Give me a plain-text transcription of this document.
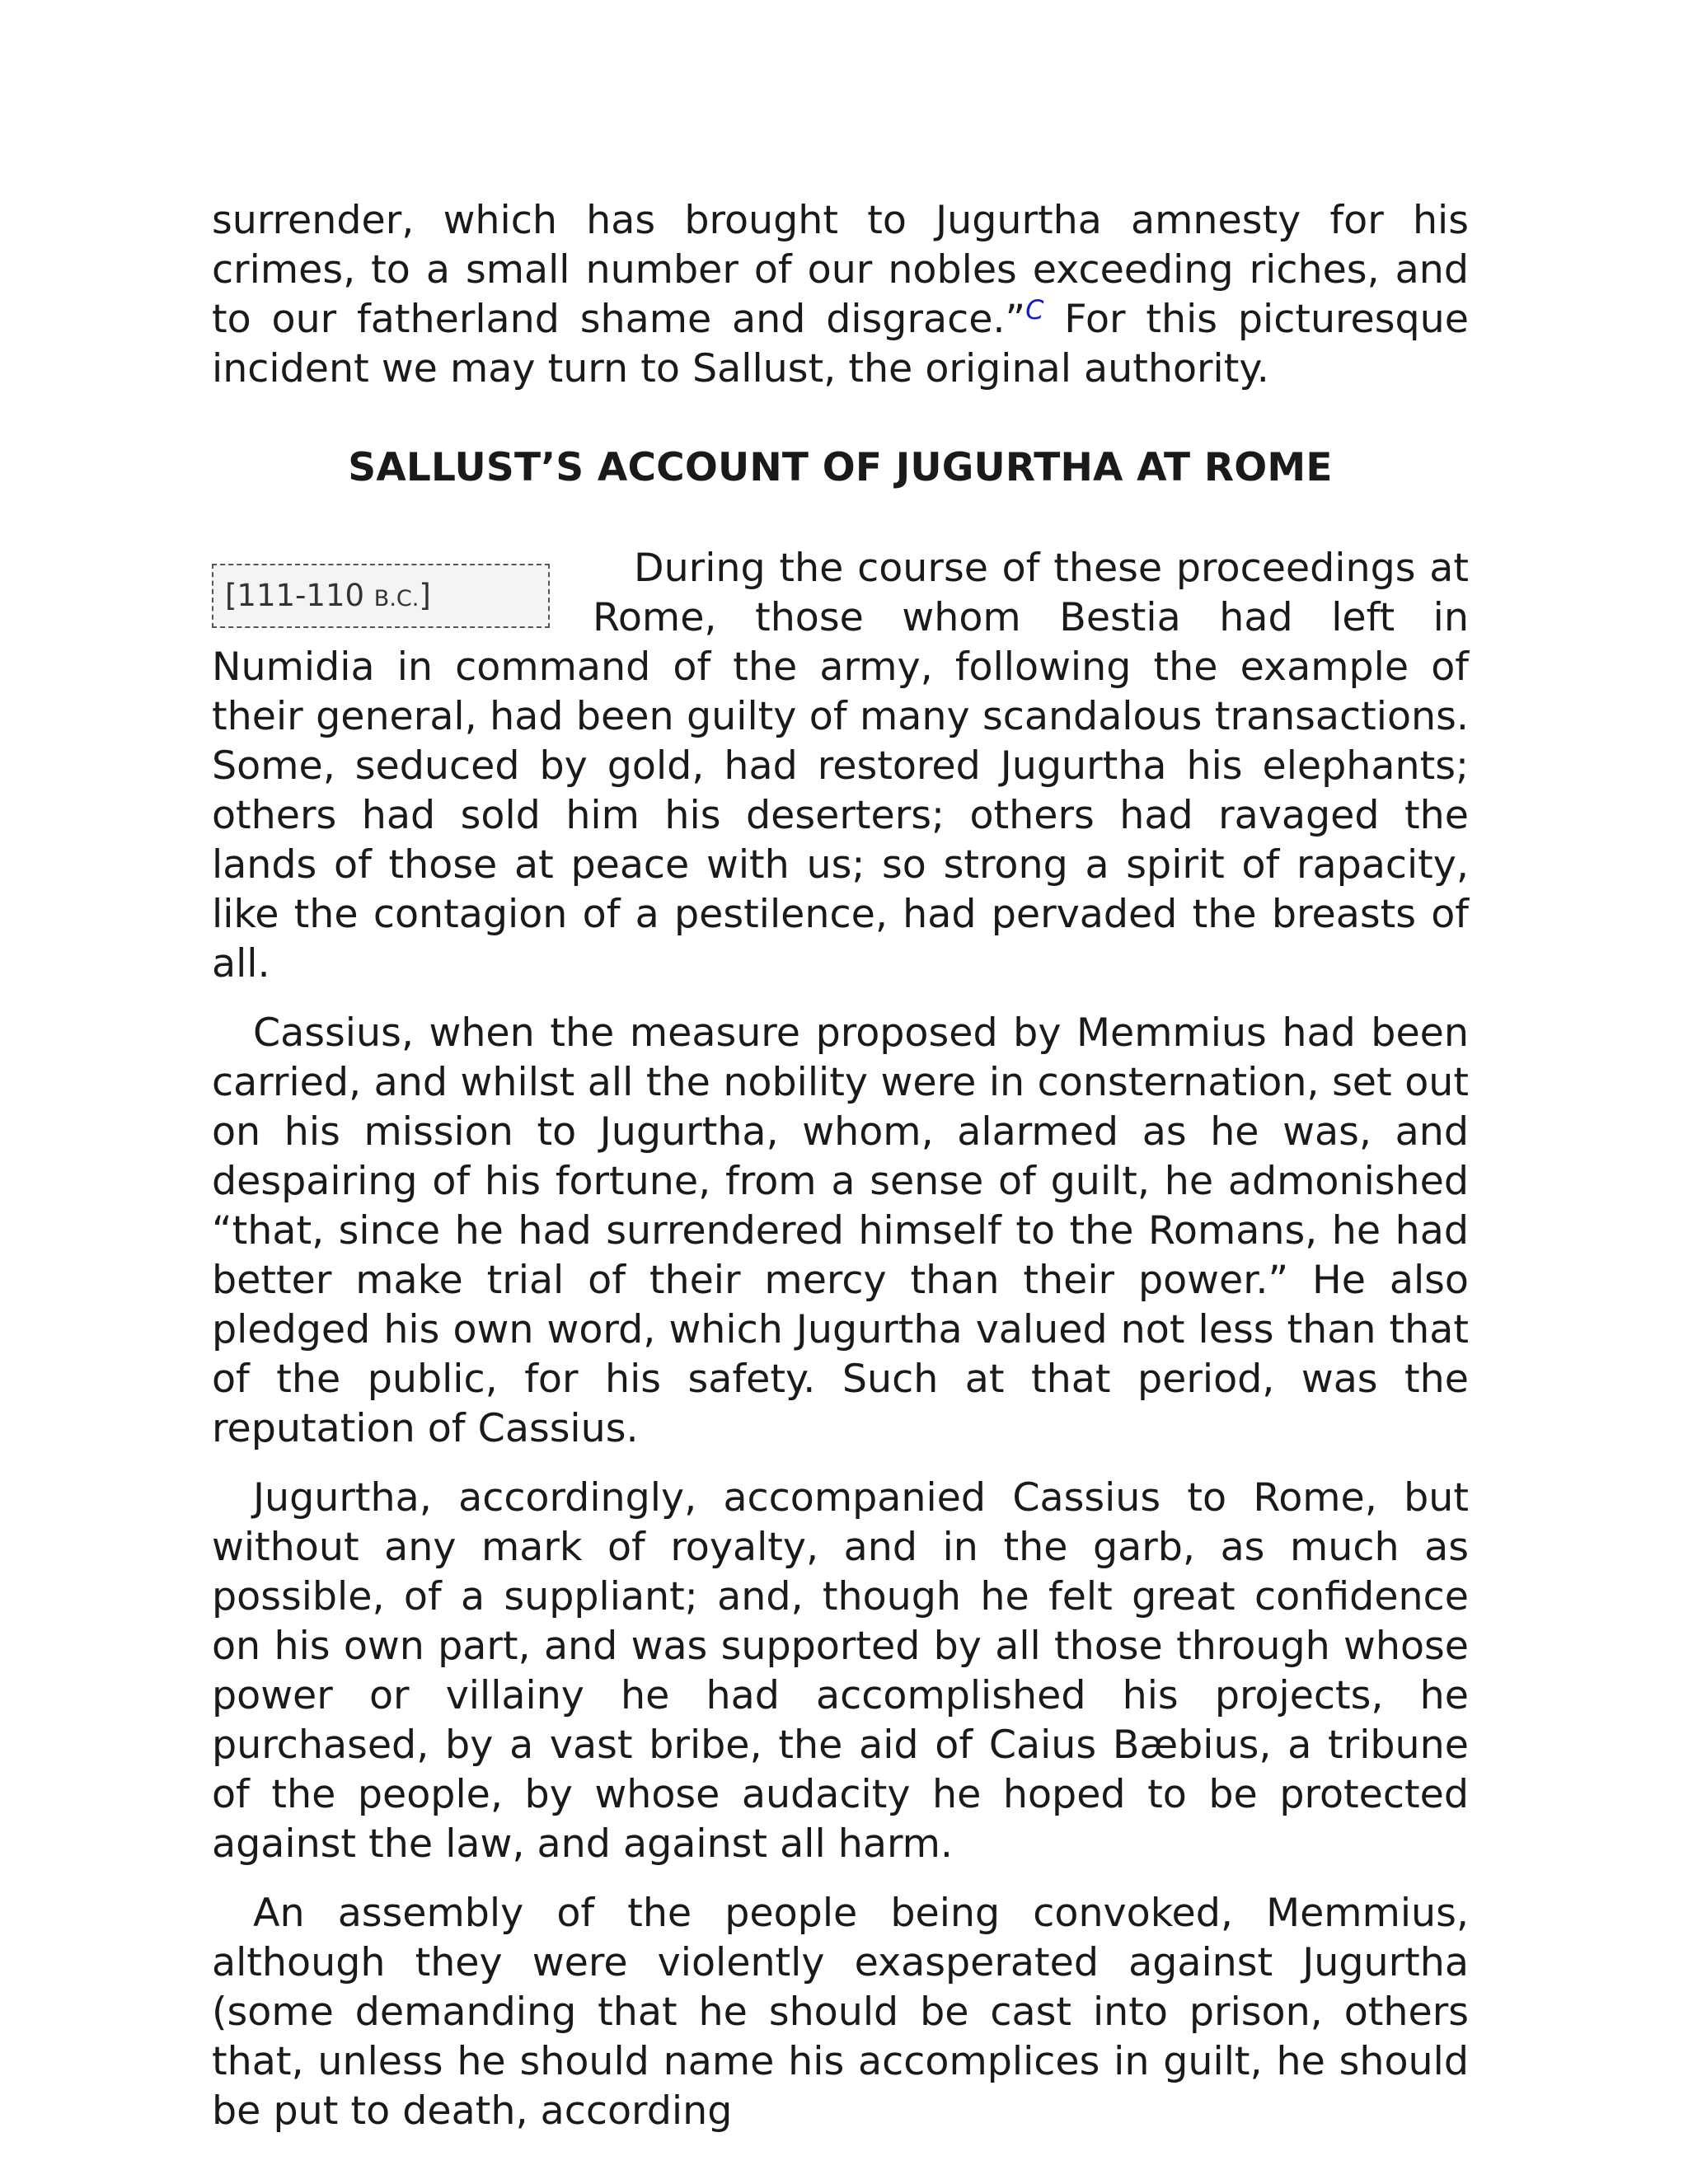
surrender, which has brought to Jugurtha amnesty for his crimes, to a small number of our nobles exceeding riches, and to our fatherland shame and disgrace.”$^C$ For this picturesque incident we may turn to Sallust, the original authority.

SALLUST’S ACCOUNT OF JUGURTHA AT ROME
[111-110 B.C.]

During the course of these proceedings at Rome, those whom Bestia had left in Numidia in command of the army, following the example of their general, had been guilty of many scandalous transactions. Some, seduced by gold, had restored Jugurtha his elephants; others had sold him his deserters; others had ravaged the lands of those at peace with us; so strong a spirit of rapacity, like the contagion of a pestilence, had pervaded the breasts of all.

Cassius, when the measure proposed by Memmius had been carried, and whilst all the nobility were in consternation, set out on his mission to Jugurtha, whom, alarmed as he was, and despairing of his fortune, from a sense of guilt, he admonished “that, since he had surrendered himself to the Romans, he had better make trial of their mercy than their power.” He also pledged his own word, which Jugurtha valued not less than that of the public, for his safety. Such at that period, was the reputation of Cassius.

Jugurtha, accordingly, accompanied Cassius to Rome, but without any mark of royalty, and in the garb, as much as possible, of a suppliant; and, though he felt great confidence on his own part, and was supported by all those through whose power or villainy he had accomplished his projects, he purchased, by a vast bribe, the aid of Caius Bæbius, a tribune of the people, by whose audacity he hoped to be protected against the law, and against all harm.

An assembly of the people being convoked, Memmius, although they were violently exasperated against Jugurtha (some demanding that he should be cast into prison, others that, unless he should name his accomplices in guilt, he should be put to death, according
